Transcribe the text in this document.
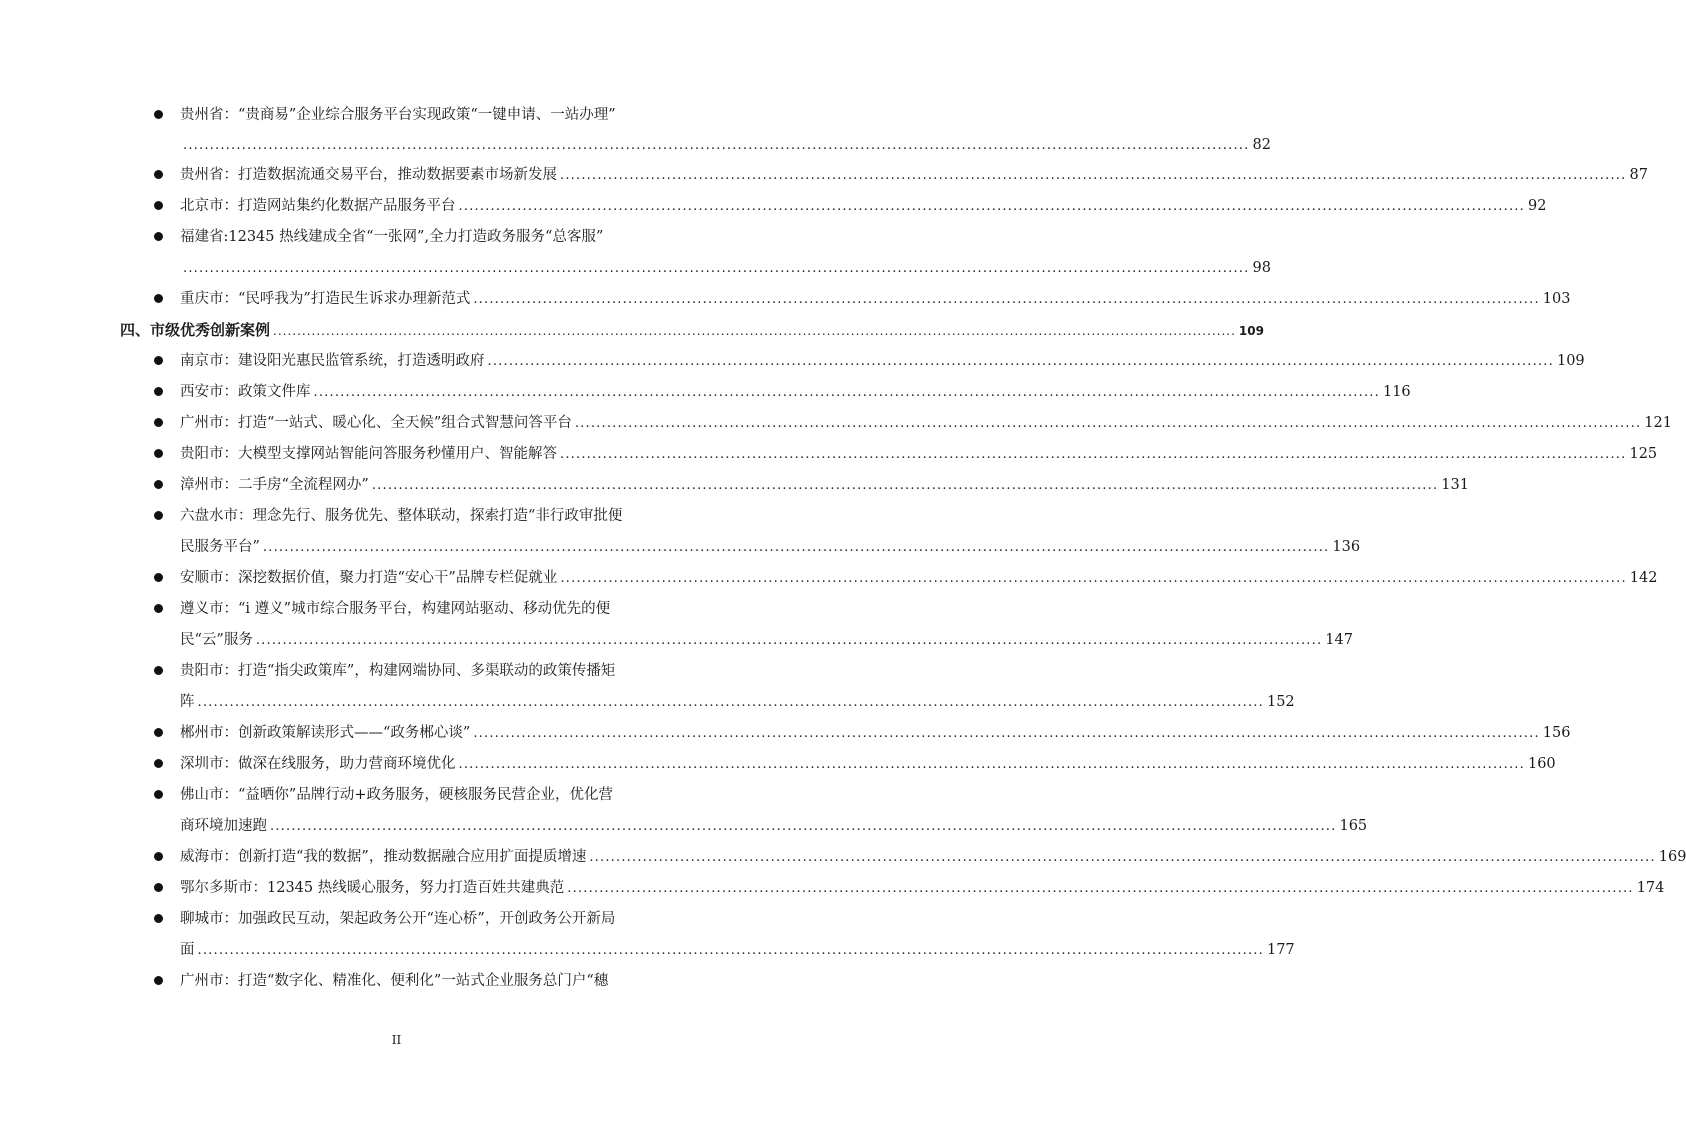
贵州省：“贵商易”企业综合服务平台实现政策“一键申请、一站办理”
........................................................................................................................................................................................................ 82
贵州省：打造数据流通交易平台，推动数据要素市场新发展 ........................................................................................................................................................................................................ 87
北京市：打造网站集约化数据产品服务平台 ........................................................................................................................................................................................................ 92
福建省:12345 热线建成全省“一张网”,全力打造政务服务“总客服”
........................................................................................................................................................................................................ 98
重庆市：“民呼我为”打造民生诉求办理新范式 ........................................................................................................................................................................................................ 103
四、市级优秀创新案例 ........................................................................................................................................................................................................ 109
南京市：建设阳光惠民监管系统，打造透明政府 ........................................................................................................................................................................................................ 109
西安市：政策文件库 ........................................................................................................................................................................................................ 116
广州市：打造“一站式、暖心化、全天候”组合式智慧问答平台 ........................................................................................................................................................................................................ 121
贵阳市：大模型支撑网站智能问答服务秒懂用户、智能解答 ........................................................................................................................................................................................................ 125
漳州市：二手房“全流程网办” ........................................................................................................................................................................................................ 131
六盘水市：理念先行、服务优先、整体联动，探索打造“非行政审批便
民服务平台” ........................................................................................................................................................................................................ 136
安顺市：深挖数据价值，聚力打造“安心干”品牌专栏促就业 ........................................................................................................................................................................................................ 142
遵义市：“i 遵义”城市综合服务平台，构建网站驱动、移动优先的便
民“云”服务 ........................................................................................................................................................................................................ 147
贵阳市：打造“指尖政策库”，构建网端协同、多渠联动的政策传播矩
阵 ........................................................................................................................................................................................................ 152
郴州市：创新政策解读形式——“政务郴心谈” ........................................................................................................................................................................................................ 156
深圳市：做深在线服务，助力营商环境优化 ........................................................................................................................................................................................................ 160
佛山市：“益晒你”品牌行动+政务服务，硬核服务民营企业，优化营
商环境加速跑 ........................................................................................................................................................................................................ 165
威海市：创新打造“我的数据”，推动数据融合应用扩面提质增速 ........................................................................................................................................................................................................ 169
鄂尔多斯市：12345 热线暖心服务，努力打造百姓共建典范 ........................................................................................................................................................................................................ 174
聊城市：加强政民互动，架起政务公开“连心桥”，开创政务公开新局
面 ........................................................................................................................................................................................................ 177
广州市：打造“数字化、精准化、便利化”一站式企业服务总门户“穗
II
